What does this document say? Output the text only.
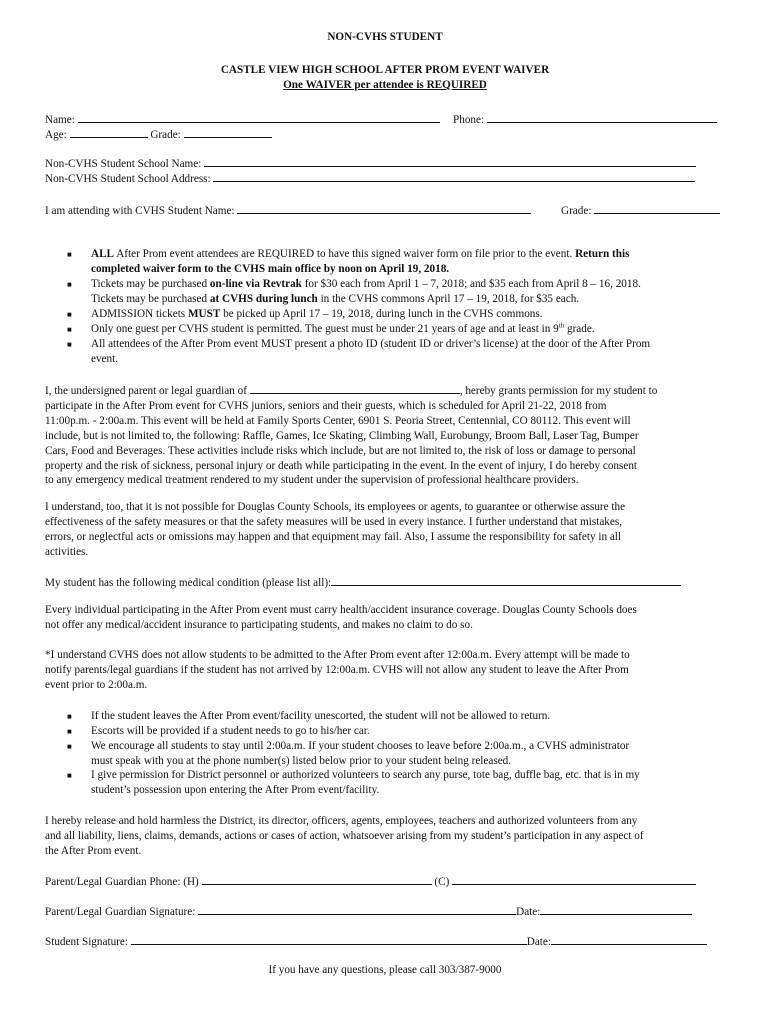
NON-CVHS STUDENT
CASTLE VIEW HIGH SCHOOL AFTER PROM EVENT WAIVER
One WAIVER per attendee is REQUIRED
Name:	Phone:
Age:	Grade:
Non-CVHS Student School Name:
Non-CVHS Student School Address:
I am attending with CVHS Student Name:	Grade:
■ ALL After Prom event attendees are REQUIRED to have this signed waiver form on file prior to the event. Return this
completed waiver form to the CVHS main office by noon on April 19, 2018.
■ Tickets may be purchased on-line via Revtrak for $30 each from April 1 – 7, 2018; and $35 each from April 8 – 16, 2018.
Tickets may be purchased at CVHS during lunch in the CVHS commons April 17 – 19, 2018, for $35 each.
■ ADMISSION tickets MUST be picked up April 17 – 19, 2018, during lunch in the CVHS commons.
■ Only one guest per CVHS student is permitted. The guest must be under 21 years of age and at least in 9th grade.
■ All attendees of the After Prom event MUST present a photo ID (student ID or driver’s license) at the door of the After Prom
event.
I, the undersigned parent or legal guardian of	, hereby grants permission for my student to
participate in the After Prom event for CVHS juniors, seniors and their guests, which is scheduled for April 21-22, 2018 from
11:00p.m. - 2:00a.m. This event will be held at Family Sports Center, 6901 S. Peoria Street, Centennial, CO 80112. This event will
include, but is not limited to, the following: Raffle, Games, Ice Skating, Climbing Wall, Eurobungy, Broom Ball, Laser Tag, Bumper
Cars, Food and Beverages. These activities include risks which include, but are not limited to, the risk of loss or damage to personal
property and the risk of sickness, personal injury or death while participating in the event. In the event of injury, I do hereby consent
to any emergency medical treatment rendered to my student under the supervision of professional healthcare providers.
I understand, too, that it is not possible for Douglas County Schools, its employees or agents, to guarantee or otherwise assure the
effectiveness of the safety measures or that the safety measures will be used in every instance. I further understand that mistakes,
errors, or neglectful acts or omissions may happen and that equipment may fail. Also, I assume the responsibility for safety in all
activities.
My student has the following medical condition (please list all):
Every individual participating in the After Prom event must carry health/accident insurance coverage. Douglas County Schools does
not offer any medical/accident insurance to participating students, and makes no claim to do so.
*I understand CVHS does not allow students to be admitted to the After Prom event after 12:00a.m. Every attempt will be made to
notify parents/legal guardians if the student has not arrived by 12:00a.m. CVHS will not allow any student to leave the After Prom
event prior to 2:00a.m.
■ If the student leaves the After Prom event/facility unescorted, the student will not be allowed to return.
■ Escorts will be provided if a student needs to go to his/her car.
■ We encourage all students to stay until 2:00a.m. If your student chooses to leave before 2:00a.m., a CVHS administrator
must speak with you at the phone number(s) listed below prior to your student being released.
■ I give permission for District personnel or authorized volunteers to search any purse, tote bag, duffle bag, etc. that is in my
student’s possession upon entering the After Prom event/facility.
I hereby release and hold harmless the District, its director, officers, agents, employees, teachers and authorized volunteers from any
and all liability, liens, claims, demands, actions or cases of action, whatsoever arising from my student’s participation in any aspect of
the After Prom event.
Parent/Legal Guardian Phone: (H)	(C)
Parent/Legal Guardian Signature:	Date:
Student Signature:	Date:
If you have any questions, please call 303/387-9000
